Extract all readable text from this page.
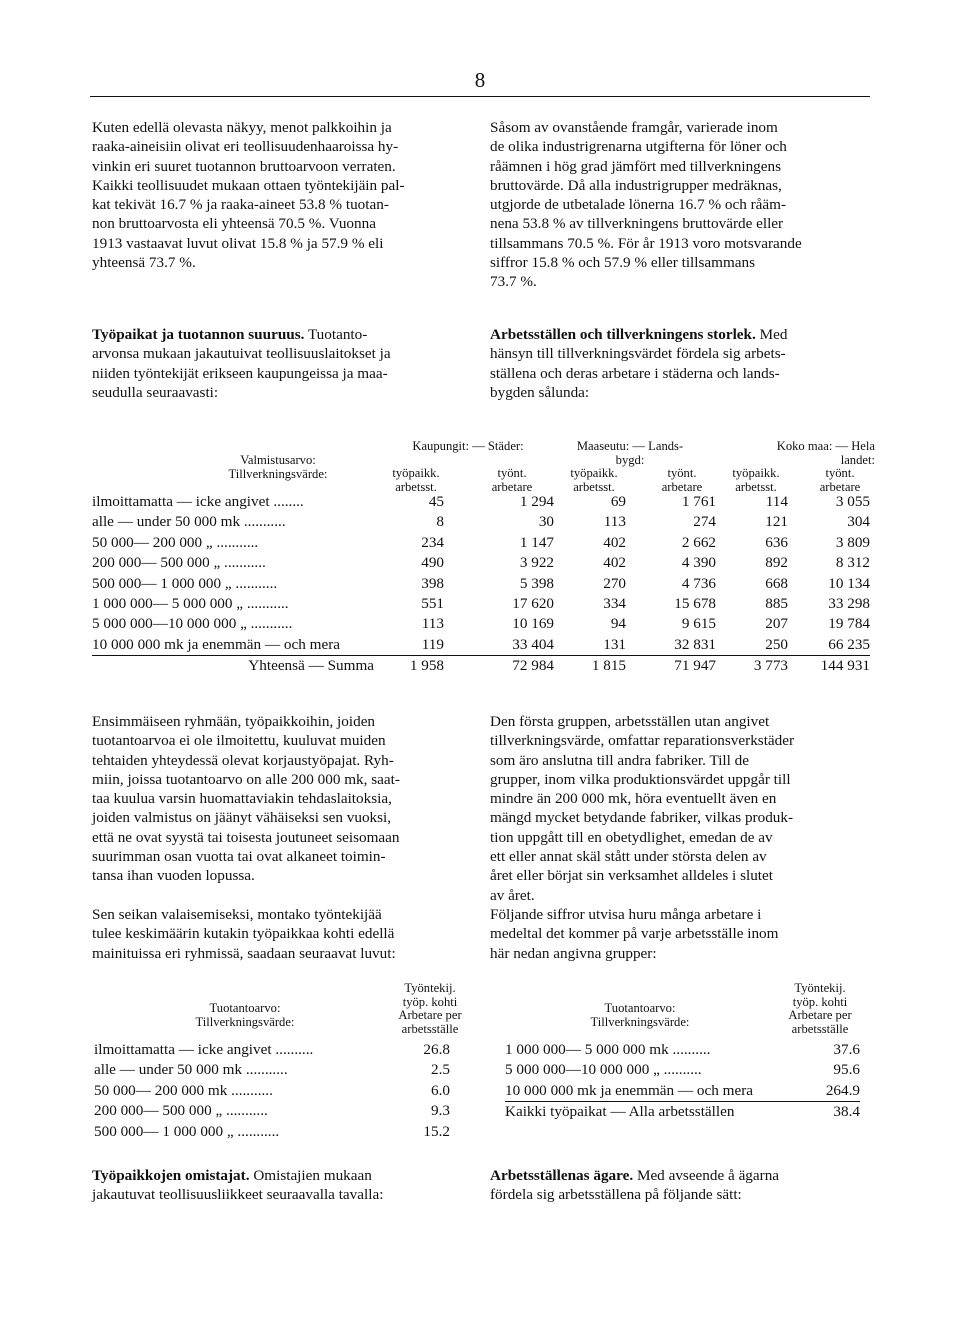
8
Kuten edellä olevasta näkyy, menot palkkoihin ja
raaka-aineisiin olivat eri teollisuudenhaaroissa hy-
vinkin eri suuret tuotannon bruttoarvoon verraten.
Kaikki teollisuudet mukaan ottaen työntekijäin pal-
kat tekivät 16.7 % ja raaka-aineet 53.8 % tuotan-
non bruttoarvosta eli yhteensä 70.5 %. Vuonna
1913 vastaavat luvut olivat 15.8 % ja 57.9 % eli
yhteensä 73.7 %.
Såsom av ovanstående framgår, varierade inom
de olika industrigrenarna utgifterna för löner och
råämnen i hög grad jämfört med tillverkningens
bruttovärde. Då alla industrigrupper medräknas,
utgjorde de utbetalade lönerna 16.7 % och råäm-
nena 53.8 % av tillverkningens bruttovärde eller
tillsammans 70.5 %. För år 1913 voro motsvarande
siffror 15.8 % och 57.9 % eller tillsammans
73.7 %.
Työpaikat ja tuotannon suuruus. Tuotanto-
arvonsa mukaan jakautuivat teollisuuslaitokset ja
niiden työntekijät erikseen kaupungeissa ja maa-
seudulla seuraavasti:
Arbetsställen och tillverkningens storlek. Med
hänsyn till tillverkningsvärdet fördela sig arbets-
ställena och deras arbetare i städerna och lands-
bygden sålunda:
Valmistusarvo:
Tillverkningsvärde:
Kaupungit: — Städer:	Maaseutu: — Lands-
bygd:
Koko maa: — Hela
landet:
työpaikk.
arbetsst.
työnt.
arbetare
työpaikk.
arbetsst.
työnt.
arbetare
työpaikk.
arbetsst.
työnt.
arbetare
ilmoittamatta — icke angivet ........	45	1 294	69	1 761	114	3 055
alle — under 50 000 mk ...........	8	30	113	274	121	304
50 000— 200 000 „ ...........	234	1 147	402	2 662	636	3 809
200 000— 500 000 „ ...........	490	3 922	402	4 390	892	8 312
500 000— 1 000 000 „ ...........	398	5 398	270	4 736	668	10 134
1 000 000— 5 000 000 „ ...........	551	17 620	334	15 678	885	33 298
5 000 000—10 000 000 „ ...........	113	10 169	94	9 615	207	19 784
10 000 000 mk ja enemmän — och mera	119	33 404	131	32 831	250	66 235
Yhteensä — Summa	1 958	72 984	1 815	71 947	3 773	144 931
Ensimmäiseen ryhmään, työpaikkoihin, joiden
tuotantoarvoa ei ole ilmoitettu, kuuluvat muiden
tehtaiden yhteydessä olevat korjaustyöpajat. Ryh-
miin, joissa tuotantoarvo on alle 200 000 mk, saat-
taa kuulua varsin huomattaviakin tehdaslaitoksia,
joiden valmistus on jäänyt vähäiseksi sen vuoksi,
että ne ovat syystä tai toisesta joutuneet seisomaan
suurimman osan vuotta tai ovat alkaneet toimin-
tansa ihan vuoden lopussa.
Sen seikan valaisemiseksi, montako työntekijää
tulee keskimäärin kutakin työpaikkaa kohti edellä
mainituissa eri ryhmissä, saadaan seuraavat luvut:
Den första gruppen, arbetsställen utan angivet
tillverkningsvärde, omfattar reparationsverkstäder
som äro anslutna till andra fabriker. Till de
grupper, inom vilka produktionsvärdet uppgår till
mindre än 200 000 mk, höra eventuellt även en
mängd mycket betydande fabriker, vilkas produk-
tion uppgått till en obetydlighet, emedan de av
ett eller annat skäl stått under största delen av
året eller börjat sin verksamhet alldeles i slutet
av året.
Följande siffror utvisa huru många arbetare i
medeltal det kommer på varje arbetsställe inom
här nedan angivna grupper:
Tuotantoarvo:
Tillverkningsvärde:
Työntekij.
työp. kohti
Arbetare per
arbetsställe
ilmoittamatta — icke angivet ..........	26.8
alle — under 50 000 mk ...........	2.5
50 000— 200 000 mk ...........	6.0
200 000— 500 000 „ ...........	9.3
500 000— 1 000 000 „ ...........	15.2
Tuotantoarvo:
Tillverkningsvärde:
Työntekij.
työp. kohti
Arbetare per
arbetsställe
1 000 000— 5 000 000 mk ..........	37.6
5 000 000—10 000 000 „ ..........	95.6
10 000 000 mk ja enemmän — och mera	264.9
Kaikki työpaikat — Alla arbetsställen	38.4
Työpaikkojen omistajat. Omistajien mukaan
jakautuvat teollisuusliikkeet seuraavalla tavalla:
Arbetsställenas ägare. Med avseende å ägarna
fördela sig arbetsställena på följande sätt:
